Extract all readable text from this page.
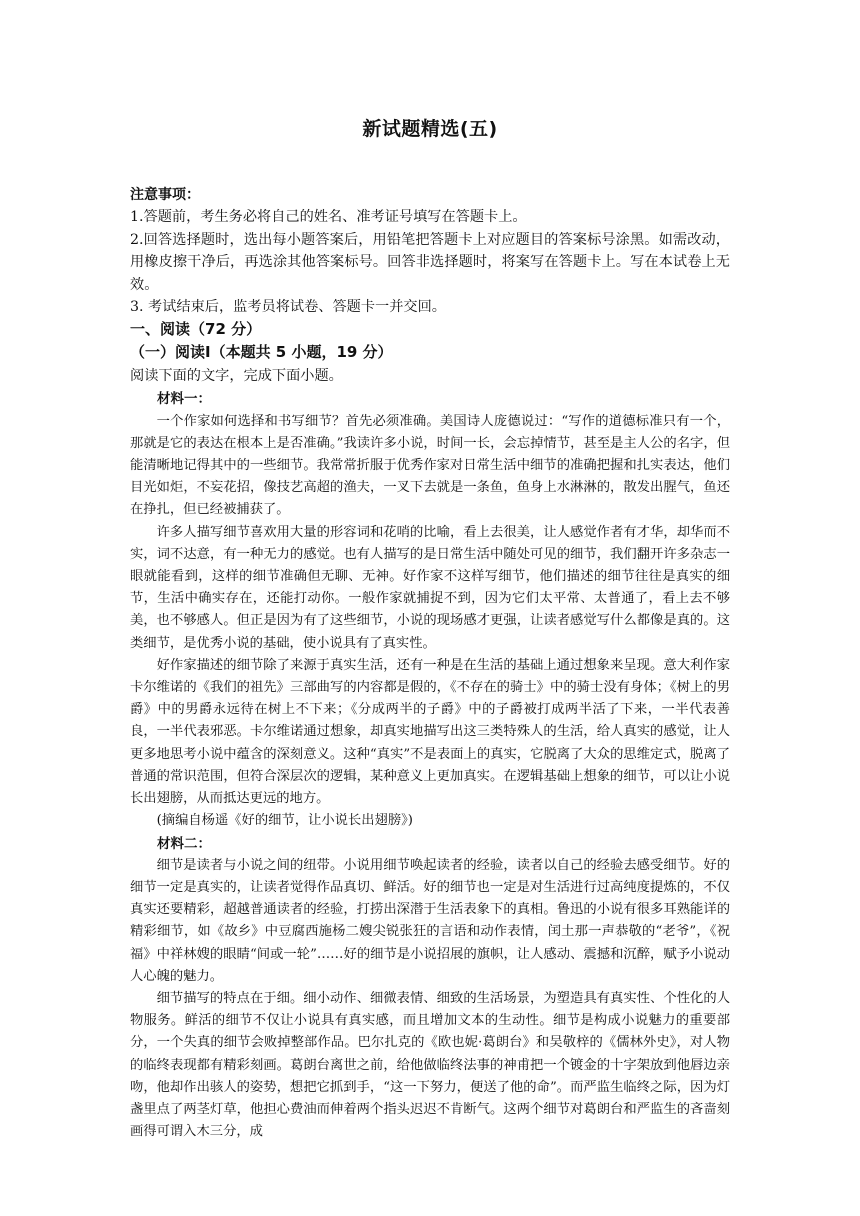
新试题精选(五)

注意事项：

1.答题前，考生务必将自己的姓名、准考证号填写在答题卡上。

2.回答选择题时，选出每小题答案后，用铅笔把答题卡上对应题目的答案标号涂黑。如需改动，用橡皮擦干净后，再选涂其他答案标号。回答非选择题时，将案写在答题卡上。写在本试卷上无效。

3. 考试结束后，监考员将试卷、答题卡一并交回。

一、阅读（72 分）

（一）阅读Ⅰ（本题共 5 小题，19 分）

阅读下面的文字，完成下面小题。

材料一：

一个作家如何选择和书写细节？首先必须准确。美国诗人庞德说过：“写作的道德标准只有一个，那就是它的表达在根本上是否准确。”我读许多小说，时间一长，会忘掉情节，甚至是主人公的名字，但能清晰地记得其中的一些细节。我常常折服于优秀作家对日常生活中细节的准确把握和扎实表达，他们目光如炬，不妄花招，像技艺高超的渔夫，一叉下去就是一条鱼，鱼身上水淋淋的，散发出腥气，鱼还在挣扎，但已经被捕获了。

许多人描写细节喜欢用大量的形容词和花哨的比喻，看上去很美，让人感觉作者有才华，却华而不实，词不达意，有一种无力的感觉。也有人描写的是日常生活中随处可见的细节，我们翻开许多杂志一眼就能看到，这样的细节准确但无聊、无神。好作家不这样写细节，他们描述的细节往往是真实的细节，生活中确实存在，还能打动你。一般作家就捕捉不到，因为它们太平常、太普通了，看上去不够美，也不够感人。但正是因为有了这些细节，小说的现场感才更强，让读者感觉写什么都像是真的。这类细节，是优秀小说的基础，使小说具有了真实性。

好作家描述的细节除了来源于真实生活，还有一种是在生活的基础上通过想象来呈现。意大利作家卡尔维诺的《我们的祖先》三部曲写的内容都是假的，《不存在的骑士》中的骑士没有身体；《树上的男爵》中的男爵永远待在树上不下来；《分成两半的子爵》中的子爵被打成两半活了下来，一半代表善良，一半代表邪恶。卡尔维诺通过想象，却真实地描写出这三类特殊人的生活，给人真实的感觉，让人更多地思考小说中蕴含的深刻意义。这种“真实”不是表面上的真实，它脱离了大众的思维定式，脱离了普通的常识范围，但符合深层次的逻辑，某种意义上更加真实。在逻辑基础上想象的细节，可以让小说长出翅膀，从而抵达更远的地方。

(摘编自杨遥《好的细节，让小说长出翅膀》)

材料二：

细节是读者与小说之间的纽带。小说用细节唤起读者的经验，读者以自己的经验去感受细节。好的细节一定是真实的，让读者觉得作品真切、鲜活。好的细节也一定是对生活进行过高纯度提炼的，不仅真实还要精彩，超越普通读者的经验，打捞出深潜于生活表象下的真相。鲁迅的小说有很多耳熟能详的精彩细节，如《故乡》中豆腐西施杨二嫂尖锐张狂的言语和动作表情，闰土那一声恭敬的“老爷”，《祝福》中祥林嫂的眼睛“间或一轮”……好的细节是小说招展的旗帜，让人感动、震撼和沉醉，赋予小说动人心魄的魅力。

细节描写的特点在于细。细小动作、细微表情、细致的生活场景，为塑造具有真实性、个性化的人物服务。鲜活的细节不仅让小说具有真实感，而且增加文本的生动性。细节是构成小说魅力的重要部分，一个失真的细节会败掉整部作品。巴尔扎克的《欧也妮·葛朗台》和吴敬梓的《儒林外史》，对人物的临终表现都有精彩刻画。葛朗台离世之前，给他做临终法事的神甫把一个镀金的十字架放到他唇边亲吻，他却作出骇人的姿势，想把它抓到手，“这一下努力，便送了他的命”。而严监生临终之际，因为灯盏里点了两茎灯草，他担心费油而伸着两个指头迟迟不肯断气。这两个细节对葛朗台和严监生的吝啬刻画得可谓入木三分，成
